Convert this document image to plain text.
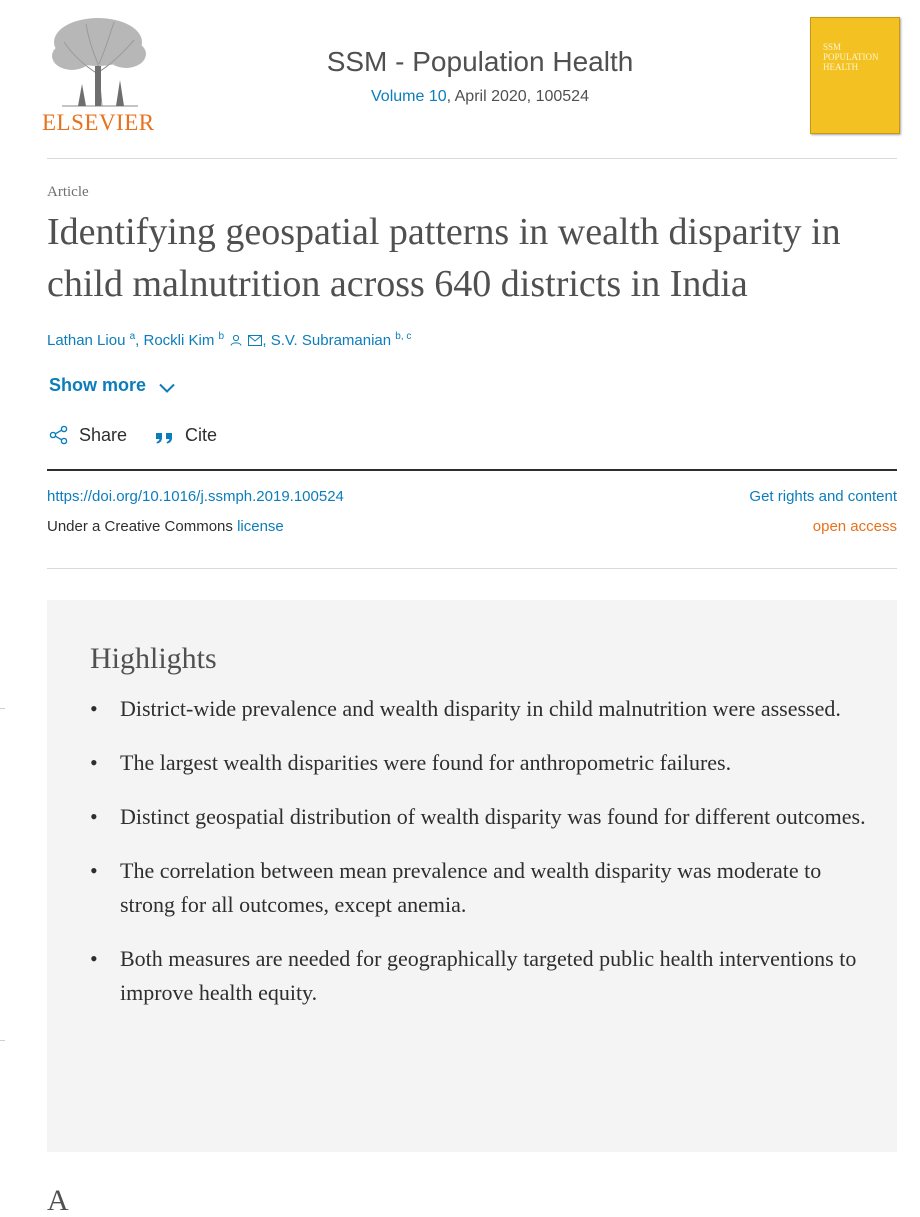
ELSEVIER
SSM - Population Health
Volume 10, April 2020, 100524
SSM POPULATION HEALTH
Article
Identifying geospatial patterns in wealth disparity in child malnutrition across 640 districts in India
Lathan Liou $^a$, Rockli Kim $^b$	, S.V. Subramanian $^{b, c}$
Show more
Share	Cite
https://doi.org/10.1016/j.ssmph.2019.100524
Under a Creative Commons license
Get rights and content
open access
Highlights
• District-wide prevalence and wealth disparity in child malnutrition were assessed.
• The largest wealth disparities were found for anthropometric failures.
• Distinct geospatial distribution of wealth disparity was found for different outcomes.
• The correlation between mean prevalence and wealth disparity was moderate to strong for all outcomes, except anemia.
• Both measures are needed for geographically targeted public health interventions to improve health equity.
A
